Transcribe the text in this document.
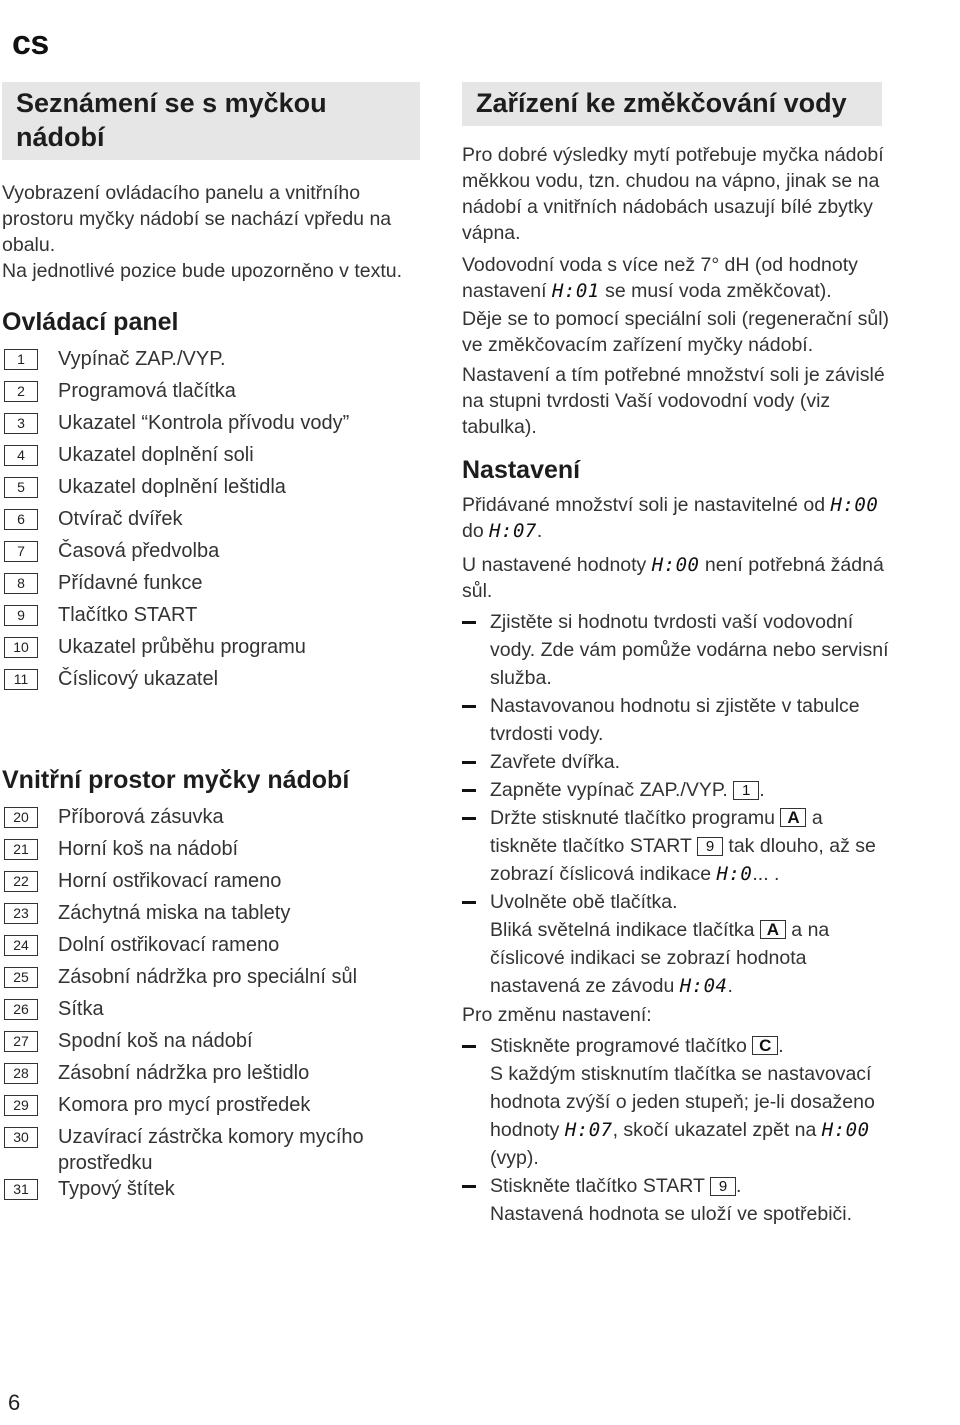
cs
Seznámení se s myčkou nádobí

Vyobrazení ovládacího panelu a vnitřního prostoru myčky nádobí se nachází vpředu na obalu.

Na jednotlivé pozice bude upozorněno v textu.

Ovládací panel
1	Vypínač ZAP./VYP.
2	Programová tlačítka
3	Ukazatel “Kontrola přívodu vody”
4	Ukazatel doplnění soli
5	Ukazatel doplnění leštidla
6	Otvírač dvířek
7	Časová předvolba
8	Přídavné funkce
9	Tlačítko START
10	Ukazatel průběhu programu
11	Číslicový ukazatel
Vnitřní prostor myčky nádobí
20	Příborová zásuvka
21	Horní koš na nádobí
22	Horní ostřikovací rameno
23	Záchytná miska na tablety
24	Dolní ostřikovací rameno
25	Zásobní nádržka pro speciální sůl
26	Sítka
27	Spodní koš na nádobí
28	Zásobní nádržka pro leštidlo
29	Komora pro mycí prostředek
30	Uzavírací zástrčka komory mycího prostředku
31	Typový štítek
Zařízení ke změkčování vody

Pro dobré výsledky mytí potřebuje myčka nádobí měkkou vodu, tzn. chudou na vápno, jinak se na nádobí a vnitřních nádobách usazují bílé zbytky vápna.

Vodovodní voda s více než 7° dH (od hodnoty nastavení H:01 se musí voda změkčovat).

Děje se to pomocí speciální soli (regenerační sůl) ve změkčovacím zařízení myčky nádobí.

Nastavení a tím potřebné množství soli je závislé na stupni tvrdosti Vaší vodovodní vody (viz tabulka).

Nastavení

Přidávané množství soli je nastavitelné od H:00 do H:07.

U nastavené hodnoty H:00 není potřebná žádná sůl.

Zjistěte si hodnotu tvrdosti vaší vodovodní vody. Zde vám pomůže vodárna nebo servisní služba.
Nastavovanou hodnotu si zjistěte v tabulce tvrdosti vody.
Zavřete dvířka.
Zapněte vypínač ZAP./VYP. 1 .
Držte stisknuté tlačítko programu A a tiskněte tlačítko START 9 tak dlouho, až se zobrazí číslicová indikace H:0... .
Uvolněte obě tlačítka.
Bliká světelná indikace tlačítka A a na číslicové indikaci se zobrazí hodnota nastavená ze závodu H:04.

Pro změnu nastavení:

Stiskněte programové tlačítko C .
S každým stisknutím tlačítka se nastavovací hodnota zvýší o jeden stupeň; je-li dosaženo hodnoty H:07, skočí ukazatel zpět na H:00 (vyp).
Stiskněte tlačítko START 9 .
Nastavená hodnota se uloží ve spotřebiči.
6
